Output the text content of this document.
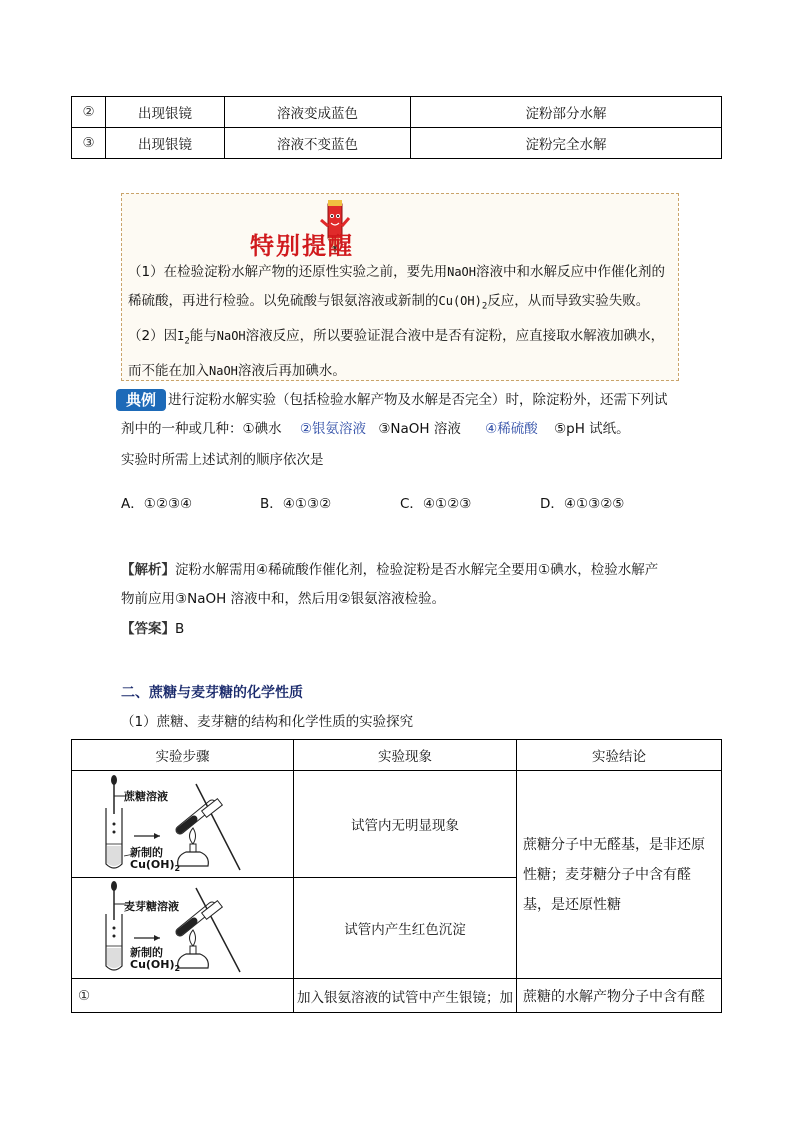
②	出现银镜	溶液变成蓝色	淀粉部分水解
③	出现银镜	溶液不变蓝色	淀粉完全水解
特别提醒
（1）在检验淀粉水解产物的还原性实验之前，要先用NaOH溶液中和水解反应中作催化剂的
稀硫酸，再进行检验。以免硫酸与银氨溶液或新制的$Cu(OH)_2$反应，从而导致实验失败。
（2）因$I_2$能与NaOH溶液反应，所以要验证混合液中是否有淀粉，应直接取水解液加碘水，
而不能在加入NaOH溶液后再加碘水。
典例 进行淀粉水解实验（包括检验水解产物及水解是否完全）时，除淀粉外，还需下列试
剂中的一种或几种：①碘水 ②银氨溶液 ③NaOH 溶液 ④稀硫酸 ⑤pH 试纸。
实验时所需上述试剂的顺序依次是
A．①②③④	B．④①③②	C．④①②③	D．④①③②⑤
【解析】淀粉水解需用④稀硫酸作催化剂，检验淀粉是否水解完全要用①碘水，检验水解产
物前应用③NaOH 溶液中和，然后用②银氨溶液检验。
【答案】B
二、蔗糖与麦芽糖的化学性质
（1）蔗糖、麦芽糖的结构和化学性质的实验探究
实验步骤	实验现象	实验结论

蔗糖溶液
新制的
$Cu(OH)_2$	试管内无明显现象	蔗糖分子中无醛基，是非还原性糖；麦芽糖分子中含有醛基，是还原性糖

麦芽糖溶液
新制的
$Cu(OH)_2$	试管内产生红色沉淀	
①	加入银氨溶液的试管中产生银镜；加	蔗糖的水解产物分子中含有醛
